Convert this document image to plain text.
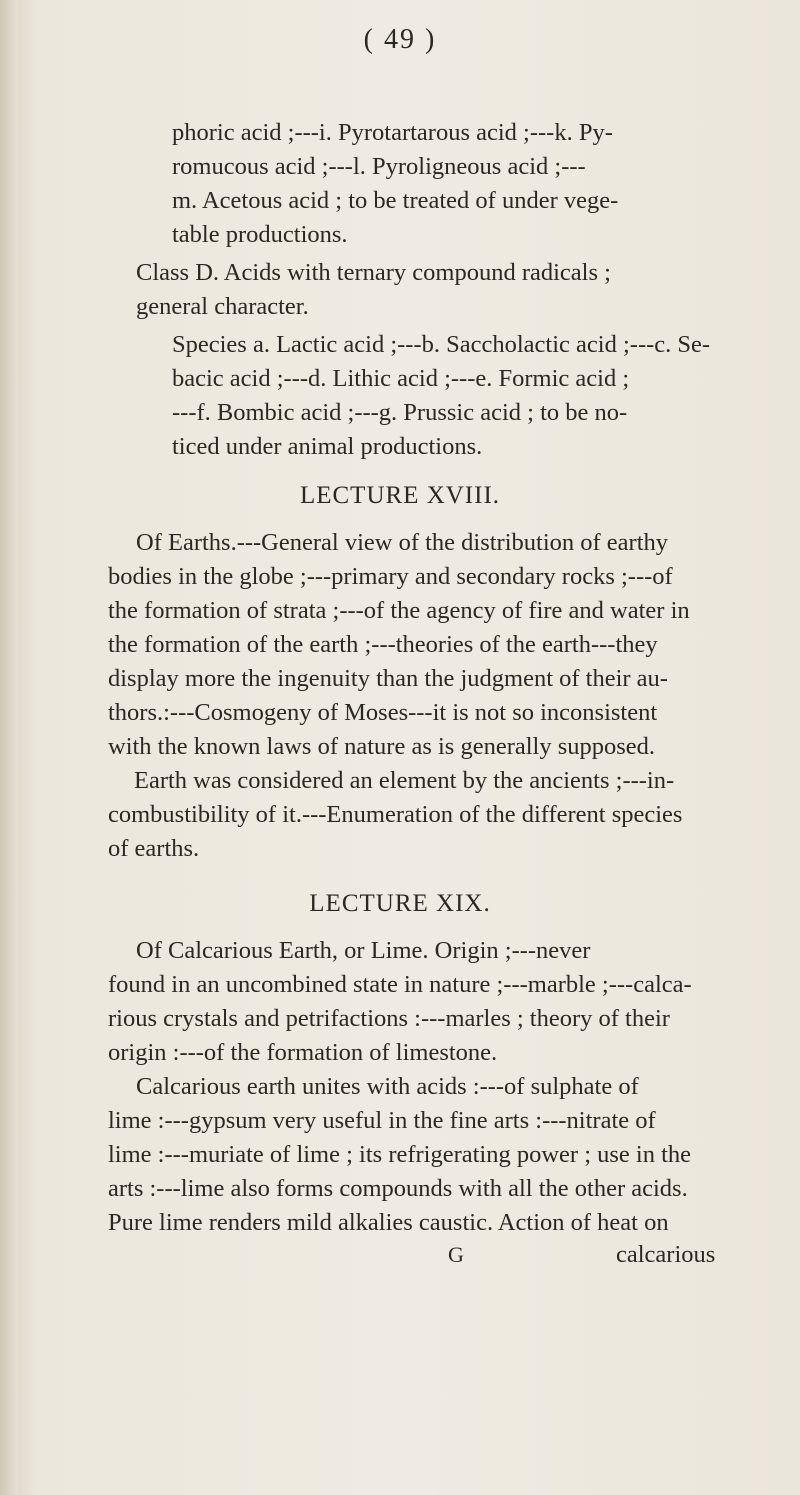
( 49 )
phoric acid ;---i. Pyrotartarous acid ;---k. Py-
romucous acid ;---l. Pyroligneous acid ;---
m. Acetous acid ; to be treated of under vege-
table productions.
Class D. Acids with ternary compound radicals ;
general character.
Species a. Lactic acid ;---b. Saccholactic acid ;---c. Se-
bacic acid ;---d. Lithic acid ;---e. Formic acid ;
---f. Bombic acid ;---g. Prussic acid ; to be no-
ticed under animal productions.
LECTURE XVIII.
Of Earths.---General view of the distribution of earthy
bodies in the globe ;---primary and secondary rocks ;---of
the formation of strata ;---of the agency of fire and water in
the formation of the earth ;---theories of the earth---they
display more the ingenuity than the judgment of their au-
thors.:---Cosmogeny of Moses---it is not so inconsistent
with the known laws of nature as is generally supposed.
Earth was considered an element by the ancients ;---in-
combustibility of it.---Enumeration of the different species
of earths.
LECTURE XIX.
Of Calcarious Earth, or Lime. Origin ;---never
found in an uncombined state in nature ;---marble ;---calca-
rious crystals and petrifactions :---marles ; theory of their
origin :---of the formation of limestone.
Calcarious earth unites with acids :---of sulphate of
lime :---gypsum very useful in the fine arts :---nitrate of
lime :---muriate of lime ; its refrigerating power ; use in the
arts :---lime also forms compounds with all the other acids.
Pure lime renders mild alkalies caustic. Action of heat on
G	calcarious
